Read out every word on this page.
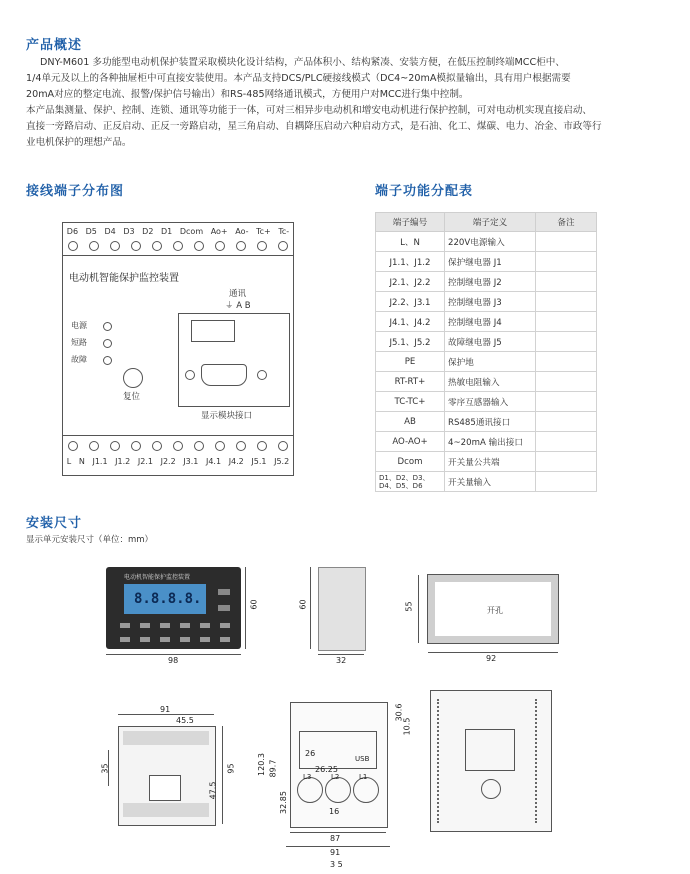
产品概述

DNY-M601 多功能型电动机保护装置采取模块化设计结构，产品体积小、结构紧凑、安装方便，在低压控制终端MCC柜中、

1/4单元及以上的各种抽屉柜中可直接安装使用。本产品支持DCS/PLC硬接线模式（DC4~20mA模拟量输出，具有用户根据需要

20mA对应的整定电流、报警/保护信号输出）和RS-485网络通讯模式，方便用户对MCC进行集中控制。

本产品集测量、保护、控制、连锁、通讯等功能于一体，可对三相异步电动机和增安电动机进行保护控制，可对电动机实现直接启动、

直接一旁路启动、正反启动、正反一旁路启动，星三角启动、自耦降压启动六种启动方式，是石油、化工、煤碳、电力、冶金、市政等行

业电机保护的理想产品。

接线端子分布图
D6 D5 D4 D3 D2 D1 Dcom Ao+ Ao- Tc+ Tc-
电动机智能保护监控装置
通讯
⏚ A B
显示模块接口
电源
短路
故障
复位
L N J1.1 J1.2 J2.1 J2.2 J3.1 J4.1 J4.2 J5.1 J5.2
端子功能分配表
端子编号	端子定义	备注
L、N	220V电源输入	
J1.1、J1.2	保护继电器 J1	
J2.1、J2.2	控制继电器 J2	
J2.2、J3.1	控制继电器 J3	
J4.1、J4.2	控制继电器 J4	
J5.1、J5.2	故障继电器 J5	
PE	保护地	
RT-RT+	热敏电阻输入	
TC-TC+	零序互感器输入	
AB	RS485通讯接口	
AO-AO+	4~20mA 输出接口	
Dcom	开关量公共端	
D1、D2、D3、D4、D5、D6	开关量输入	
安装尺寸
显示单元安装尺寸（单位：mm）
电动机智能保护监控装置
8.8.8.8.	60
98
60
32
开孔
55
92
91
45.5
35	95
47.5
26
USB
26.25
L3	L2	L1
16
120.3 89.7
32.85
30.6
10.5
87
91
3 5
